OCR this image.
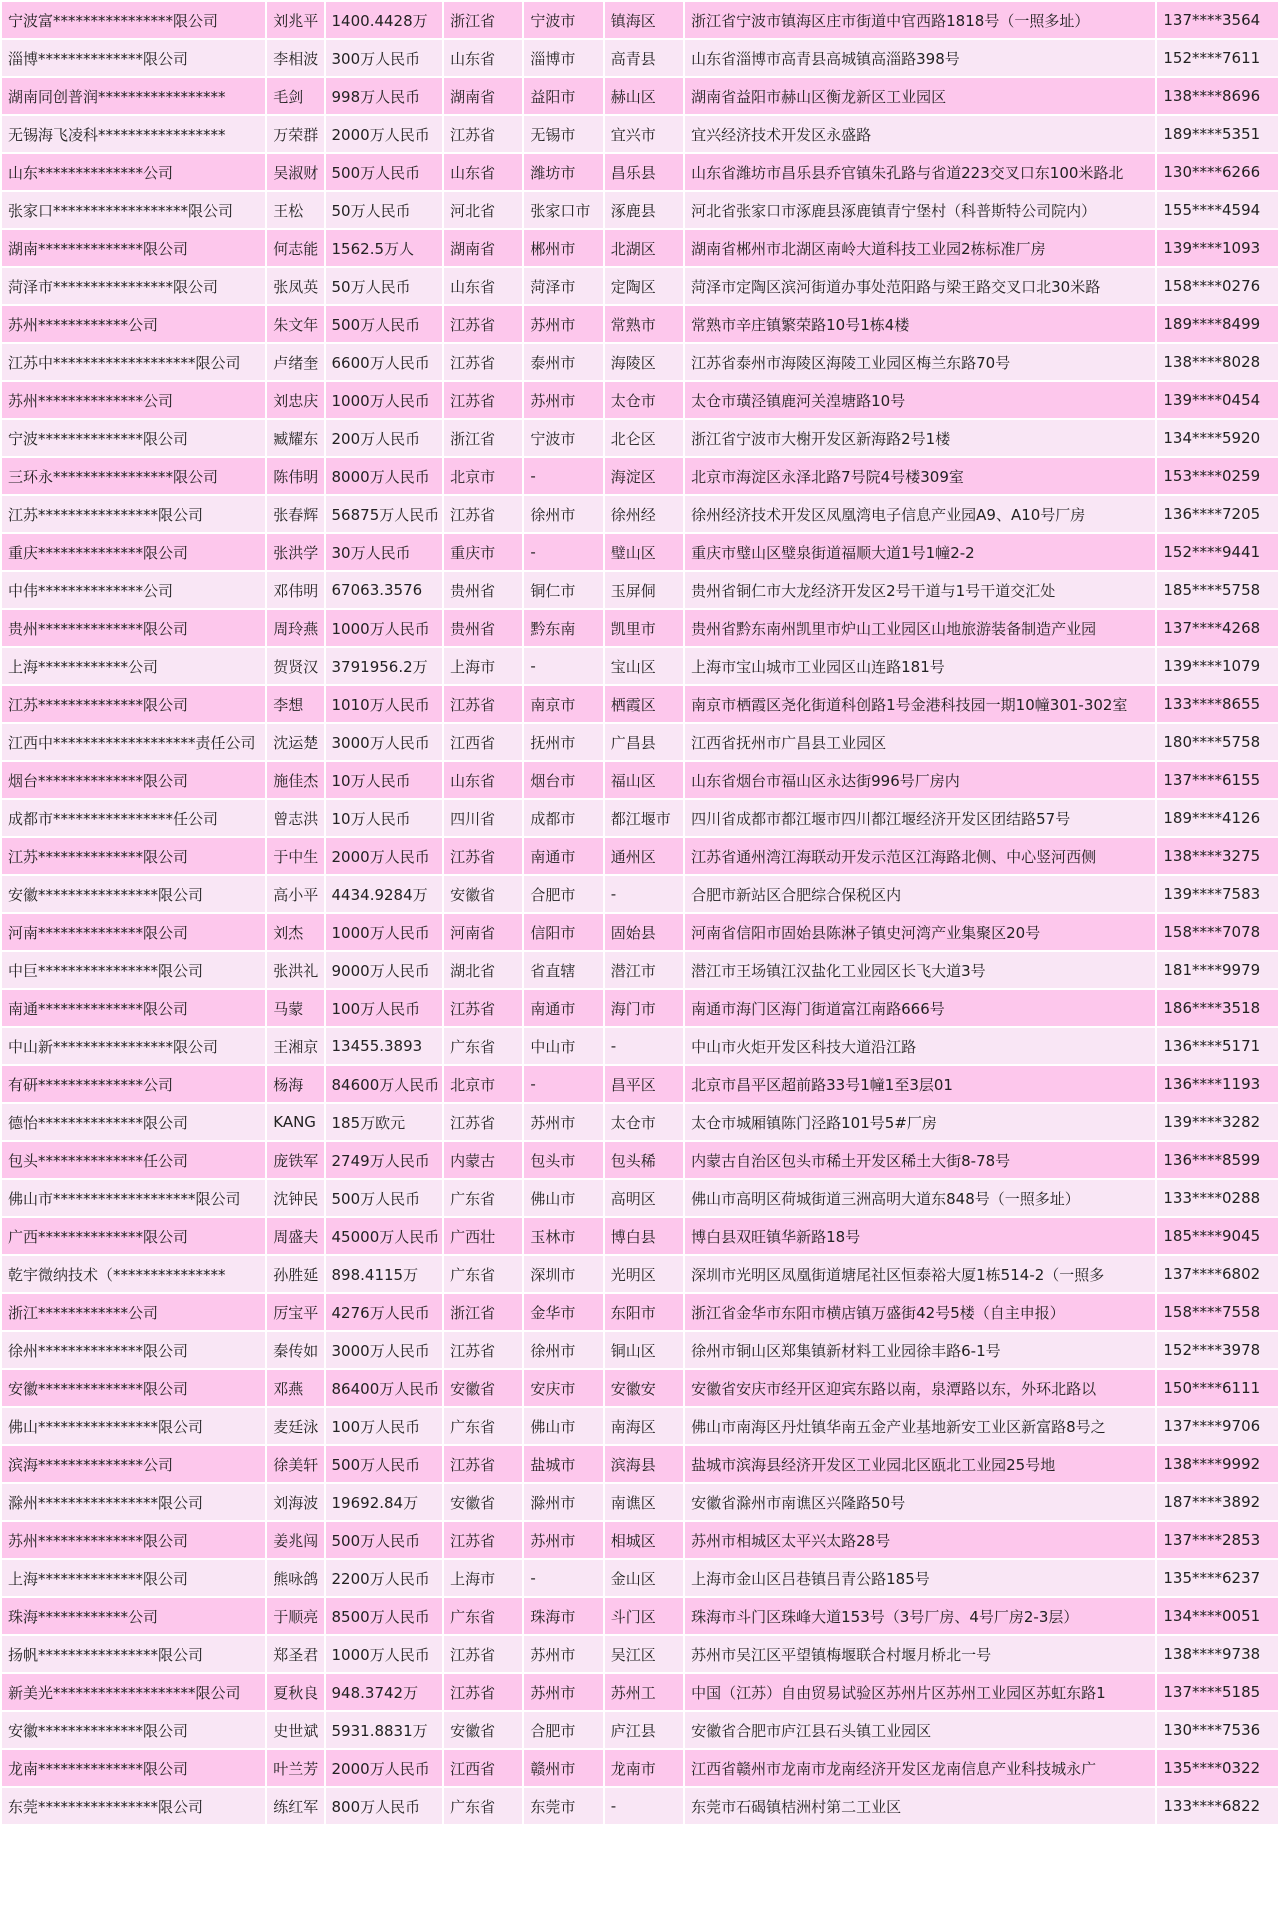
宁波富****************限公司	刘兆平	1400.4428万	浙江省	宁波市	镇海区	浙江省宁波市镇海区庄市街道中官西路1818号（一照多址）	137****3564
淄博**************限公司	李相波	300万人民币	山东省	淄博市	高青县	山东省淄博市高青县高城镇高淄路398号	152****7611
湖南同创普润*****************	毛剑	998万人民币	湖南省	益阳市	赫山区	湖南省益阳市赫山区衡龙新区工业园区	138****8696
无锡海飞凌科*****************	万荣群	2000万人民币	江苏省	无锡市	宜兴市	宜兴经济技术开发区永盛路	189****5351
山东**************公司	吴淑财	500万人民币	山东省	潍坊市	昌乐县	山东省潍坊市昌乐县乔官镇朱孔路与省道223交叉口东100米路北	130****6266
张家口******************限公司	王松	50万人民币	河北省	张家口市	涿鹿县	河北省张家口市涿鹿县涿鹿镇青宁堡村（科普斯特公司院内）	155****4594
湖南**************限公司	何志能	1562.5万人	湖南省	郴州市	北湖区	湖南省郴州市北湖区南岭大道科技工业园2栋标准厂房	139****1093
菏泽市****************限公司	张凤英	50万人民币	山东省	菏泽市	定陶区	菏泽市定陶区滨河街道办事处范阳路与梁王路交叉口北30米路	158****0276
苏州************公司	朱文年	500万人民币	江苏省	苏州市	常熟市	常熟市辛庄镇繁荣路10号1栋4楼	189****8499
江苏中*******************限公司	卢绪奎	6600万人民币	江苏省	泰州市	海陵区	江苏省泰州市海陵区海陵工业园区梅兰东路70号	138****8028
苏州**************公司	刘忠庆	1000万人民币	江苏省	苏州市	太仓市	太仓市璜泾镇鹿河关湟塘路10号	139****0454
宁波**************限公司	臧耀东	200万人民币	浙江省	宁波市	北仑区	浙江省宁波市大榭开发区新海路2号1楼	134****5920
三环永****************限公司	陈伟明	8000万人民币	北京市	-	海淀区	北京市海淀区永泽北路7号院4号楼309室	153****0259
江苏****************限公司	张春辉	56875万人民币	江苏省	徐州市	徐州经	徐州经济技术开发区凤凰湾电子信息产业园A9、A10号厂房	136****7205
重庆**************限公司	张洪学	30万人民币	重庆市	-	璧山区	重庆市璧山区璧泉街道福顺大道1号1幢2-2	152****9441
中伟**************公司	邓伟明	67063.3576	贵州省	铜仁市	玉屏侗	贵州省铜仁市大龙经济开发区2号干道与1号干道交汇处	185****5758
贵州**************限公司	周玲燕	1000万人民币	贵州省	黔东南	凯里市	贵州省黔东南州凯里市炉山工业园区山地旅游装备制造产业园	137****4268
上海************公司	贺贤汉	3791956.2万	上海市	-	宝山区	上海市宝山城市工业园区山连路181号	139****1079
江苏**************限公司	李想	1010万人民币	江苏省	南京市	栖霞区	南京市栖霞区尧化街道科创路1号金港科技园一期10幢301-302室	133****8655
江西中*******************责任公司	沈运楚	3000万人民币	江西省	抚州市	广昌县	江西省抚州市广昌县工业园区	180****5758
烟台**************限公司	施佳杰	10万人民币	山东省	烟台市	福山区	山东省烟台市福山区永达街996号厂房内	137****6155
成都市****************任公司	曾志洪	10万人民币	四川省	成都市	都江堰市	四川省成都市都江堰市四川都江堰经济开发区团结路57号	189****4126
江苏**************限公司	于中生	2000万人民币	江苏省	南通市	通州区	江苏省通州湾江海联动开发示范区江海路北侧、中心竖河西侧	138****3275
安徽****************限公司	高小平	4434.9284万	安徽省	合肥市	-	合肥市新站区合肥综合保税区内	139****7583
河南**************限公司	刘杰	1000万人民币	河南省	信阳市	固始县	河南省信阳市固始县陈淋子镇史河湾产业集聚区20号	158****7078
中巨****************限公司	张洪礼	9000万人民币	湖北省	省直辖	潜江市	潜江市王场镇江汉盐化工业园区长飞大道3号	181****9979
南通**************限公司	马蒙	100万人民币	江苏省	南通市	海门市	南通市海门区海门街道富江南路666号	186****3518
中山新****************限公司	王湘京	13455.3893	广东省	中山市	-	中山市火炬开发区科技大道沿江路	136****5171
有研**************公司	杨海	84600万人民币	北京市	-	昌平区	北京市昌平区超前路33号1幢1至3层01	136****1193
德怡**************限公司	KANG	185万欧元	江苏省	苏州市	太仓市	太仓市城厢镇陈门泾路101号5#厂房	139****3282
包头**************任公司	庞铁军	2749万人民币	内蒙古	包头市	包头稀	内蒙古自治区包头市稀土开发区稀土大街8-78号	136****8599
佛山市*******************限公司	沈钟民	500万人民币	广东省	佛山市	高明区	佛山市高明区荷城街道三洲高明大道东848号（一照多址）	133****0288
广西**************限公司	周盛夫	45000万人民币	广西壮	玉林市	博白县	博白县双旺镇华新路18号	185****9045
乾宇微纳技术（***************	孙胜延	898.4115万	广东省	深圳市	光明区	深圳市光明区凤凰街道塘尾社区恒泰裕大厦1栋514-2（一照多	137****6802
浙江************公司	厉宝平	4276万人民币	浙江省	金华市	东阳市	浙江省金华市东阳市横店镇万盛街42号5楼（自主申报）	158****7558
徐州**************限公司	秦传如	3000万人民币	江苏省	徐州市	铜山区	徐州市铜山区郑集镇新材料工业园徐丰路6-1号	152****3978
安徽**************限公司	邓燕	86400万人民币	安徽省	安庆市	安徽安	安徽省安庆市经开区迎宾东路以南，泉潭路以东，外环北路以	150****6111
佛山****************限公司	麦廷泳	100万人民币	广东省	佛山市	南海区	佛山市南海区丹灶镇华南五金产业基地新安工业区新富路8号之	137****9706
滨海**************公司	徐美轩	500万人民币	江苏省	盐城市	滨海县	盐城市滨海县经济开发区工业园北区瓯北工业园25号地	138****9992
滁州****************限公司	刘海波	19692.84万	安徽省	滁州市	南谯区	安徽省滁州市南谯区兴隆路50号	187****3892
苏州**************限公司	姜兆闯	500万人民币	江苏省	苏州市	相城区	苏州市相城区太平兴太路28号	137****2853
上海**************限公司	熊咏鸽	2200万人民币	上海市	-	金山区	上海市金山区吕巷镇吕青公路185号	135****6237
珠海************公司	于顺亮	8500万人民币	广东省	珠海市	斗门区	珠海市斗门区珠峰大道153号（3号厂房、4号厂房2-3层）	134****0051
扬帆****************限公司	郑圣君	1000万人民币	江苏省	苏州市	吴江区	苏州市吴江区平望镇梅堰联合村堰月桥北一号	138****9738
新美光*******************限公司	夏秋良	948.3742万	江苏省	苏州市	苏州工	中国（江苏）自由贸易试验区苏州片区苏州工业园区苏虹东路1	137****5185
安徽**************限公司	史世斌	5931.8831万	安徽省	合肥市	庐江县	安徽省合肥市庐江县石头镇工业园区	130****7536
龙南**************限公司	叶兰芳	2000万人民币	江西省	赣州市	龙南市	江西省赣州市龙南市龙南经济开发区龙南信息产业科技城永广	135****0322
东莞****************限公司	练红军	800万人民币	广东省	东莞市	-	东莞市石碣镇桔洲村第二工业区	133****6822
